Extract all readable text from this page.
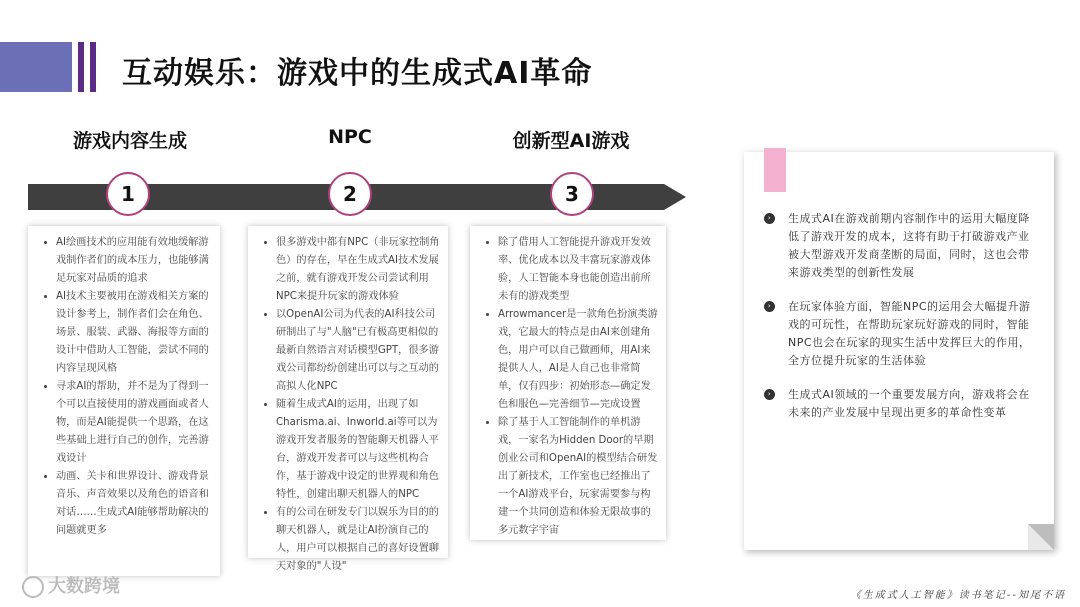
互动娱乐：游戏中的生成式AI革命
游戏内容生成	NPC	创新型AI游戏
1	2	3
• AI绘画技术的应用能有效地缓解游戏制作者们的成本压力，也能够满足玩家对品质的追求
• AI技术主要被用在游戏相关方案的设计参考上，制作者们会在角色、场景、服装、武器、海报等方面的设计中借助人工智能，尝试不同的内容呈现风格
• 寻求AI的帮助，并不是为了得到一个可以直接使用的游戏画面或者人物，而是AI能提供一个思路，在这些基础上进行自己的创作，完善游戏设计
• 动画、关卡和世界设计、游戏背景音乐、声音效果以及角色的语音和对话……生成式AI能够帮助解决的问题就更多
• 很多游戏中都有NPC（非玩家控制角色）的存在，早在生成式AI技术发展之前，就有游戏开发公司尝试利用NPC来提升玩家的游戏体验
• 以OpenAI公司为代表的AI科技公司研制出了与"人脑"已有极高更相似的最新自然语言对话模型GPT，很多游戏公司都纷纷创建出可以与之互动的高拟人化NPC
• 随着生成式AI的运用，出现了如Charisma.ai、Inworld.ai等可以为游戏开发者服务的智能聊天机器人平台，游戏开发者可以与这些机构合作，基于游戏中设定的世界观和角色特性，创建出聊天机器人的NPC
• 有的公司在研发专门以娱乐为目的的聊天机器人，就是让AI扮演自己的人，用户可以根据自己的喜好设置聊天对象的"人设"
• 除了借用人工智能提升游戏开发效率、优化成本以及丰富玩家游戏体验，人工智能本身也能创造出前所未有的游戏类型
• Arrowmancer是一款角色扮演类游戏，它最大的特点是由AI来创建角色，用户可以自己做画师，用AI来提供人人，AI是人自己也非常简单，仅有四步：初始形态—确定发色和服色—完善细节—完成设置
• 除了基于人工智能制作的单机游戏，一家名为Hidden Door的早期创业公司和OpenAI的模型结合研发出了新技术，工作室也已经推出了一个AI游戏平台，玩家需要参与构建一个共同创造和体验无限故事的多元数字宇宙
›	生成式AI在游戏前期内容制作中的运用大幅度降低了游戏开发的成本，这将有助于打破游戏产业被大型游戏开发商垄断的局面，同时，这也会带来游戏类型的创新性发展
›	在玩家体验方面，智能NPC的运用会大幅提升游戏的可玩性，在帮助玩家玩好游戏的同时，智能NPC也会在玩家的现实生活中发挥巨大的作用，全方位提升玩家的生活体验
›	生成式AI领域的一个重要发展方向，游戏将会在未来的产业发展中呈现出更多的革命性变革
大数跨境	《生成式人工智能》读书笔记--知尾不语
